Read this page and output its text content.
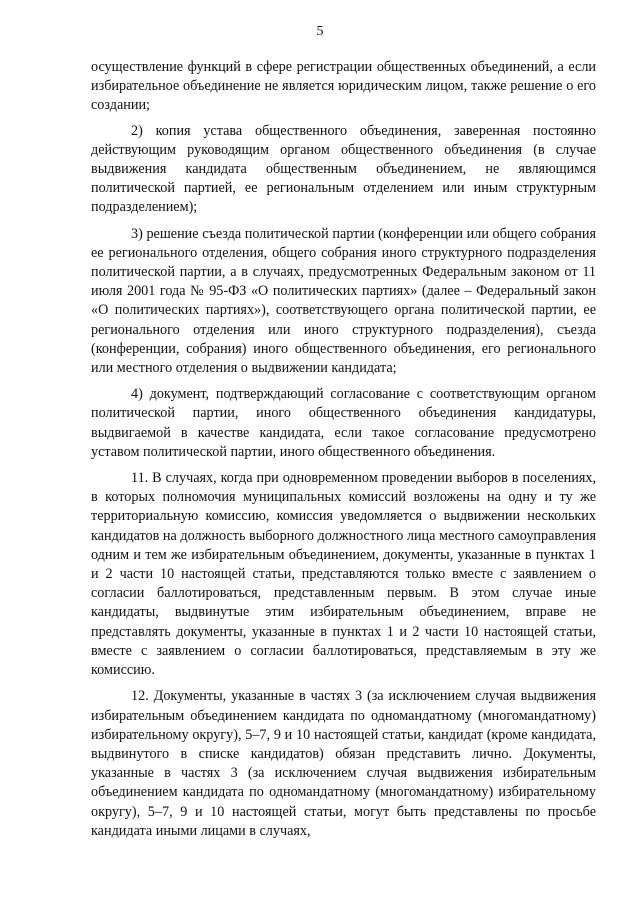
5

осуществление функций в сфере регистрации общественных объединений, а если избирательное объединение не является юридическим лицом, также решение о его создании;

2) копия устава общественного объединения, заверенная постоянно действующим руководящим органом общественного объединения (в случае выдвижения кандидата общественным объединением, не являющимся политической партией, ее региональным отделением или иным структурным подразделением);

3) решение съезда политической партии (конференции или общего собрания ее регионального отделения, общего собрания иного структурного подразделения политической партии, а в случаях, предусмотренных Федеральным законом от 11 июля 2001 года № 95-ФЗ «О политических партиях» (далее – Федеральный закон «О политических партиях»), соответствующего органа политической партии, ее регионального отделения или иного структурного подразделения), съезда (конференции, собрания) иного общественного объединения, его регионального или местного отделения о выдвижении кандидата;

4) документ, подтверждающий согласование с соответствующим органом политической партии, иного общественного объединения кандидатуры, выдвигаемой в качестве кандидата, если такое согласование предусмотрено уставом политической партии, иного общественного объединения.

11. В случаях, когда при одновременном проведении выборов в поселениях, в которых полномочия муниципальных комиссий возложены на одну и ту же территориальную комиссию, комиссия уведомляется о выдвижении нескольких кандидатов на должность выборного должностного лица местного самоуправления одним и тем же избирательным объединением, документы, указанные в пунктах 1 и 2 части 10 настоящей статьи, представляются только вместе с заявлением о согласии баллотироваться, представленным первым. В этом случае иные кандидаты, выдвинутые этим избирательным объединением, вправе не представлять документы, указанные в пунктах 1 и 2 части 10 настоящей статьи, вместе с заявлением о согласии баллотироваться, представляемым в эту же комиссию.

12. Документы, указанные в частях 3 (за исключением случая выдвижения избирательным объединением кандидата по одномандатному (многомандатному) избирательному округу), 5–7, 9 и 10 настоящей статьи, кандидат (кроме кандидата, выдвинутого в списке кандидатов) обязан представить лично. Документы, указанные в частях 3 (за исключением случая выдвижения избирательным объединением кандидата по одномандатному (многомандатному) избирательному округу), 5–7, 9 и 10 настоящей статьи, могут быть представлены по просьбе кандидата иными лицами в случаях,
